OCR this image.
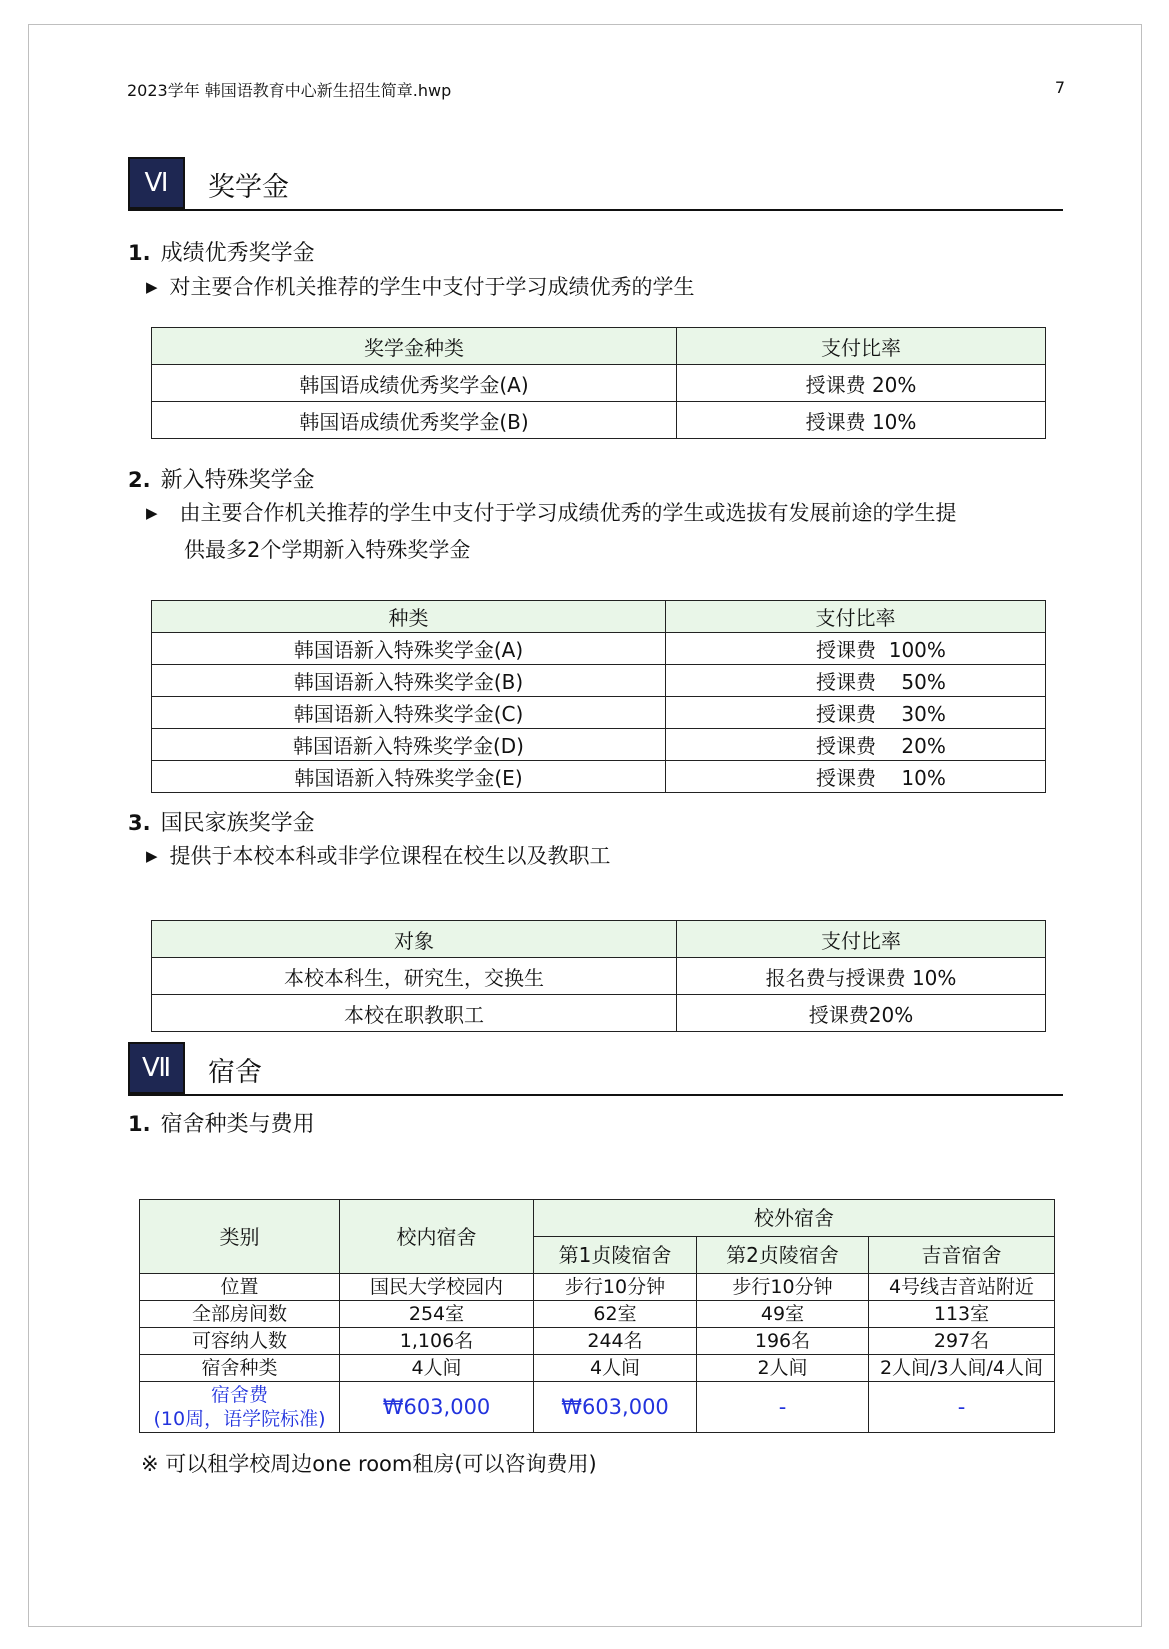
2023学年 韩国语教育中心新生招生简章.hwp	7
Ⅵ	奖学金
1. 成绩优秀奖学金
▶ 对主要合作机关推荐的学生中支付于学习成绩优秀的学生
奖学金种类	支付比率
韩国语成绩优秀奖学金(A)	授课费 20%
韩国语成绩优秀奖学金(B)	授课费 10%
2. 新入特殊奖学金
▶ 由主要合作机关推荐的学生中支付于学习成绩优秀的学生或选拔有发展前途的学生提
供最多2个学期新入特殊奖学金
种类	支付比率
韩国语新入特殊奖学金(A)	授课费  100%
韩国语新入特殊奖学金(B)	授课费    50%
韩国语新入特殊奖学金(C)	授课费    30%
韩国语新入特殊奖学金(D)	授课费    20%
韩国语新入特殊奖学金(E)	授课费    10%
3. 国民家族奖学金
▶ 提供于本校本科或非学位课程在校生以及教职工
对象	支付比率
本校本科生，研究生，交换生	报名费与授课费 10%
本校在职教职工	授课费20%
Ⅶ	宿舍
1. 宿舍种类与费用
类别	校内宿舍	校外宿舍		
		第1贞陵宿舍	第2贞陵宿舍	吉音宿舍
位置	国民大学校园内	步行10分钟	步行10分钟	4号线吉音站附近
全部房间数	254室	62室	49室	113室
可容纳人数	1,106名	244名	196名	297名
宿舍种类	4人间	4人间	2人间	2人间/3人间/4人间

宿舍费
(10周，语学院标准)	₩603,000	₩603,000	-	-
※ 可以租学校周边one room租房(可以咨询费用)
